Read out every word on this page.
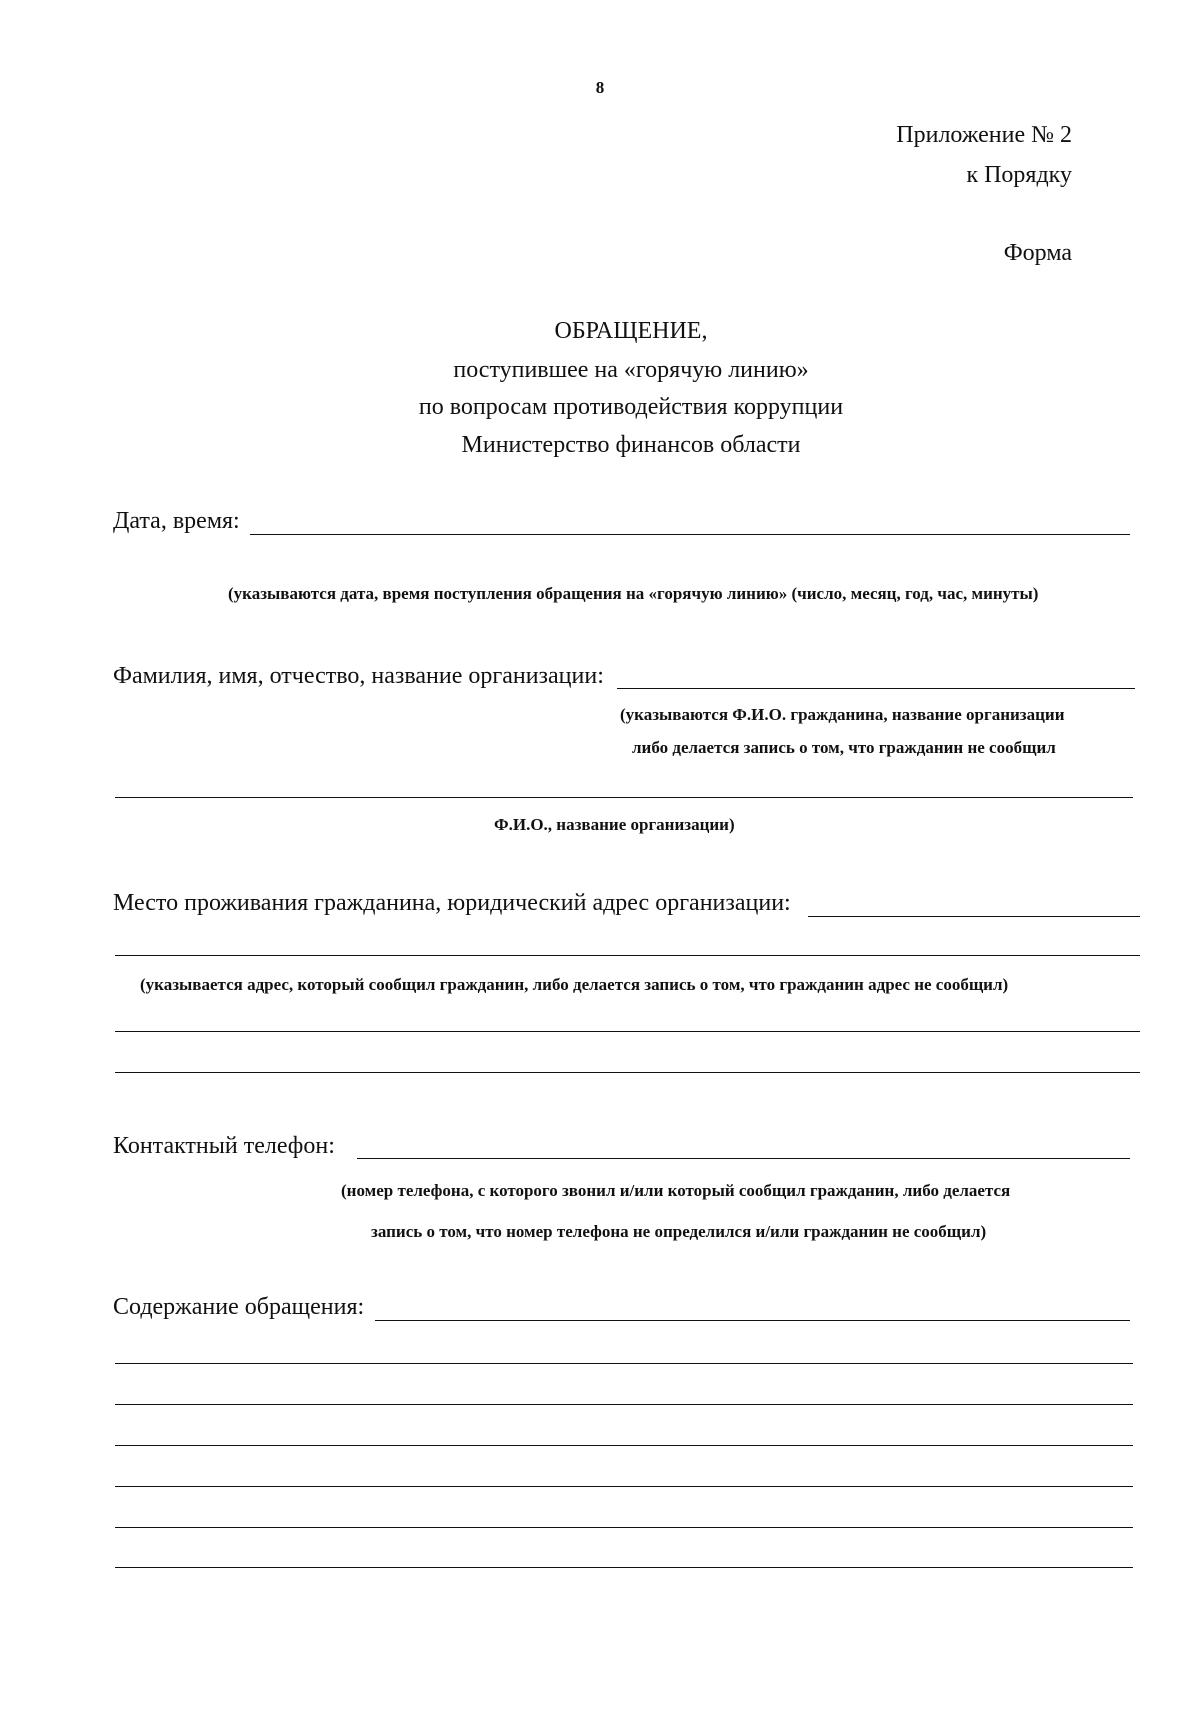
8
Приложение № 2
к Порядку
Форма
ОБРАЩЕНИЕ,
поступившее на «горячую линию»
по вопросам противодействия коррупции
Министерство финансов области
Дата, время:
(указываются дата, время поступления обращения на «горячую линию» (число, месяц, год, час, минуты)
Фамилия, имя, отчество, название организации:
(указываются Ф.И.О. гражданина, название организации
либо делается запись о том, что гражданин не сообщил
Ф.И.О., название организации)
Место проживания гражданина, юридический адрес организации:
(указывается адрес, который сообщил гражданин, либо делается запись о том, что гражданин адрес не сообщил)
Контактный телефон:
(номер телефона, с которого звонил и/или который сообщил гражданин, либо делается
запись о том, что номер телефона не определился и/или гражданин не сообщил)
Содержание обращения:
